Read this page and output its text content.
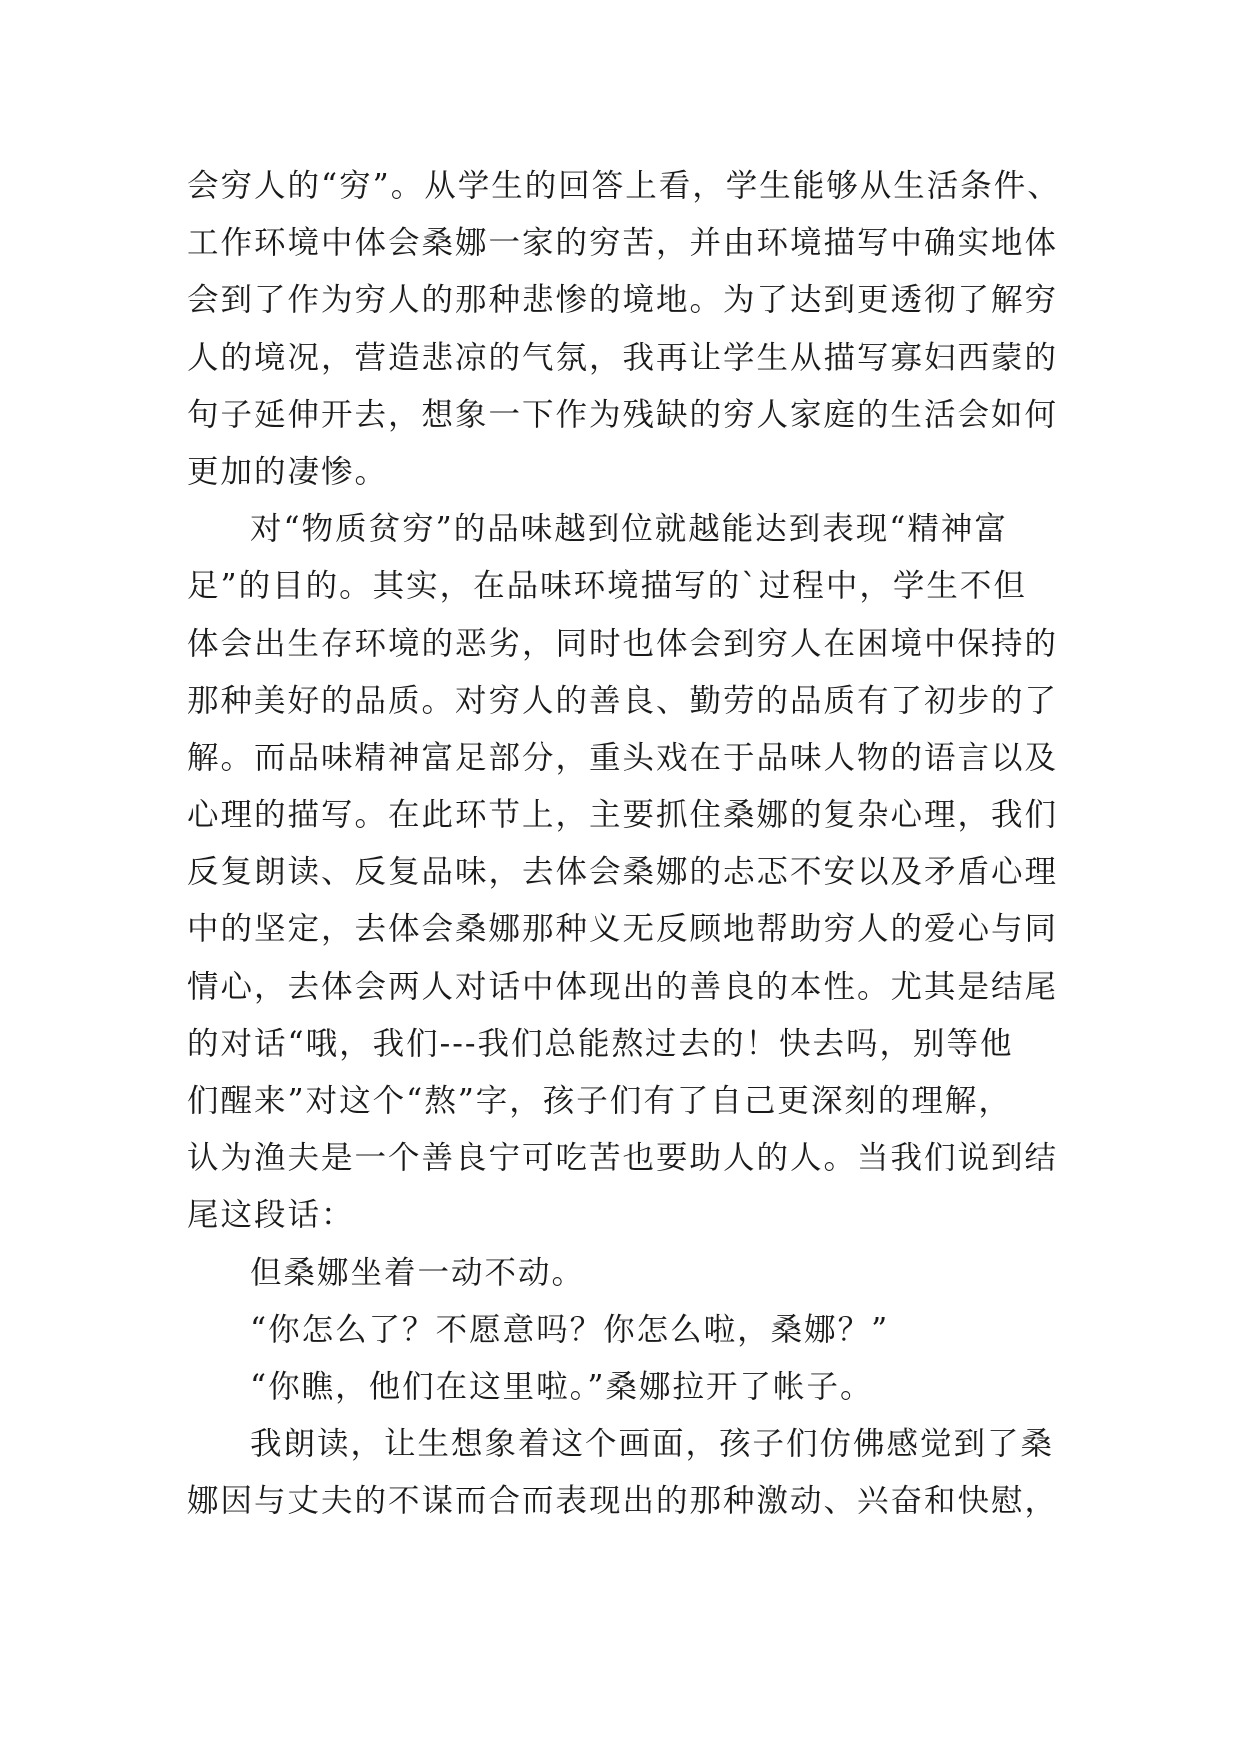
会穷人的“穷”。从学生的回答上看，学生能够从生活条件、
工作环境中体会桑娜一家的穷苦，并由环境描写中确实地体
会到了作为穷人的那种悲惨的境地。为了达到更透彻了解穷
人的境况，营造悲凉的气氛，我再让学生从描写寡妇西蒙的
句子延伸开去，想象一下作为残缺的穷人家庭的生活会如何
更加的凄惨。
对“物质贫穷”的品味越到位就越能达到表现“精神富
足”的目的。其实，在品味环境描写的`过程中，学生不但
体会出生存环境的恶劣，同时也体会到穷人在困境中保持的
那种美好的品质。对穷人的善良、勤劳的品质有了初步的了
解。而品味精神富足部分，重头戏在于品味人物的语言以及
心理的描写。在此环节上，主要抓住桑娜的复杂心理，我们
反复朗读、反复品味，去体会桑娜的忐忑不安以及矛盾心理
中的坚定，去体会桑娜那种义无反顾地帮助穷人的爱心与同
情心，去体会两人对话中体现出的善良的本性。尤其是结尾
的对话“哦，我们---我们总能熬过去的！快去吗，别等他
们醒来”对这个“熬”字，孩子们有了自己更深刻的理解，
认为渔夫是一个善良宁可吃苦也要助人的人。当我们说到结
尾这段话：
但桑娜坐着一动不动。
“你怎么了？不愿意吗？你怎么啦，桑娜？”
“你瞧，他们在这里啦。”桑娜拉开了帐子。
我朗读，让生想象着这个画面，孩子们仿佛感觉到了桑
娜因与丈夫的不谋而合而表现出的那种激动、兴奋和快慰，
